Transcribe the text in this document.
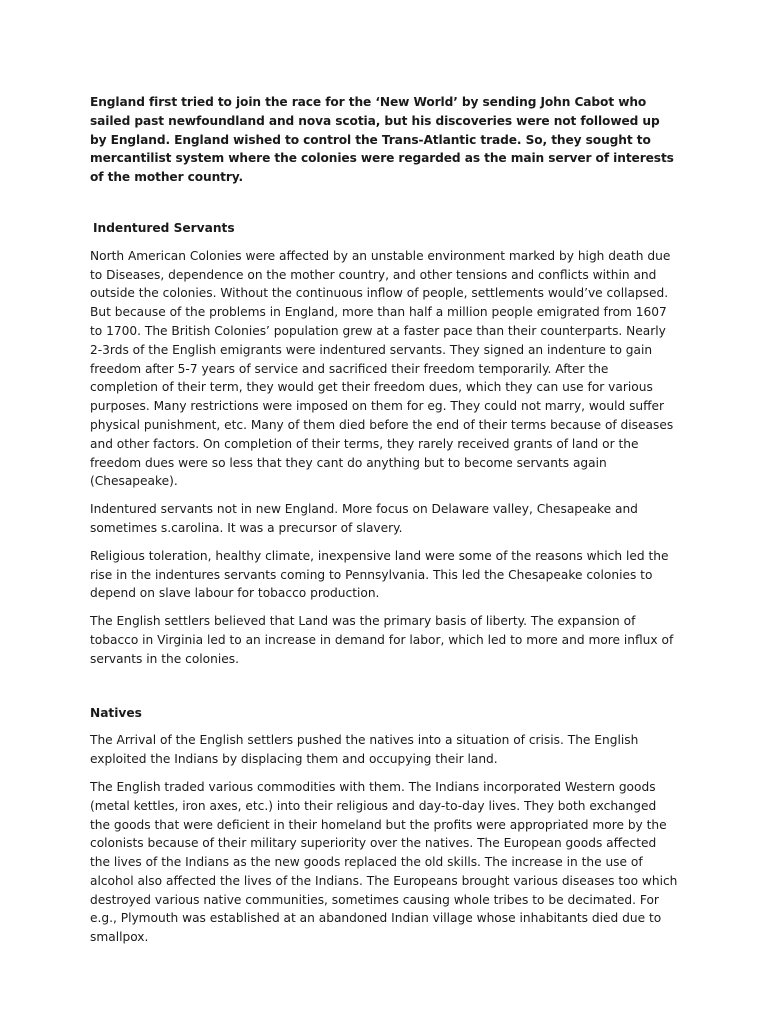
England first tried to join the race for the ‘New World’ by sending John Cabot who sailed past newfoundland and nova scotia, but his discoveries were not followed up by England. England wished to control the Trans-Atlantic trade. So, they sought to mercantilist system where the colonies were regarded as the main server of interests of the mother country.

Indentured Servants

North American Colonies were affected by an unstable environment marked by high death due to Diseases, dependence on the mother country, and other tensions and conflicts within and outside the colonies. Without the continuous inflow of people, settlements would’ve collapsed. But because of the problems in England, more than half a million people emigrated from 1607 to 1700. The British Colonies’ population grew at a faster pace than their counterparts. Nearly 2-3rds of the English emigrants were indentured servants. They signed an indenture to gain freedom after 5-7 years of service and sacrificed their freedom temporarily. After the completion of their term, they would get their freedom dues, which they can use for various purposes. Many restrictions were imposed on them for eg. They could not marry, would suffer physical punishment, etc. Many of them died before the end of their terms because of diseases and other factors. On completion of their terms, they rarely received grants of land or the freedom dues were so less that they cant do anything but to become servants again (Chesapeake).

Indentured servants not in new England. More focus on Delaware valley, Chesapeake and sometimes s.carolina. It was a precursor of slavery.

Religious toleration, healthy climate, inexpensive land were some of the reasons which led the rise in the indentures servants coming to Pennsylvania. This led the Chesapeake colonies to depend on slave labour for tobacco production.

The English settlers believed that Land was the primary basis of liberty. The expansion of tobacco in Virginia led to an increase in demand for labor, which led to more and more influx of servants in the colonies.

Natives

The Arrival of the English settlers pushed the natives into a situation of crisis. The English exploited the Indians by displacing them and occupying their land.

The English traded various commodities with them. The Indians incorporated Western goods (metal kettles, iron axes, etc.) into their religious and day-to-day lives. They both exchanged the goods that were deficient in their homeland but the profits were appropriated more by the colonists because of their military superiority over the natives. The European goods affected the lives of the Indians as the new goods replaced the old skills. The increase in the use of alcohol also affected the lives of the Indians. The Europeans brought various diseases too which destroyed various native communities, sometimes causing whole tribes to be decimated. For e.g., Plymouth was established at an abandoned Indian village whose inhabitants died due to smallpox.
